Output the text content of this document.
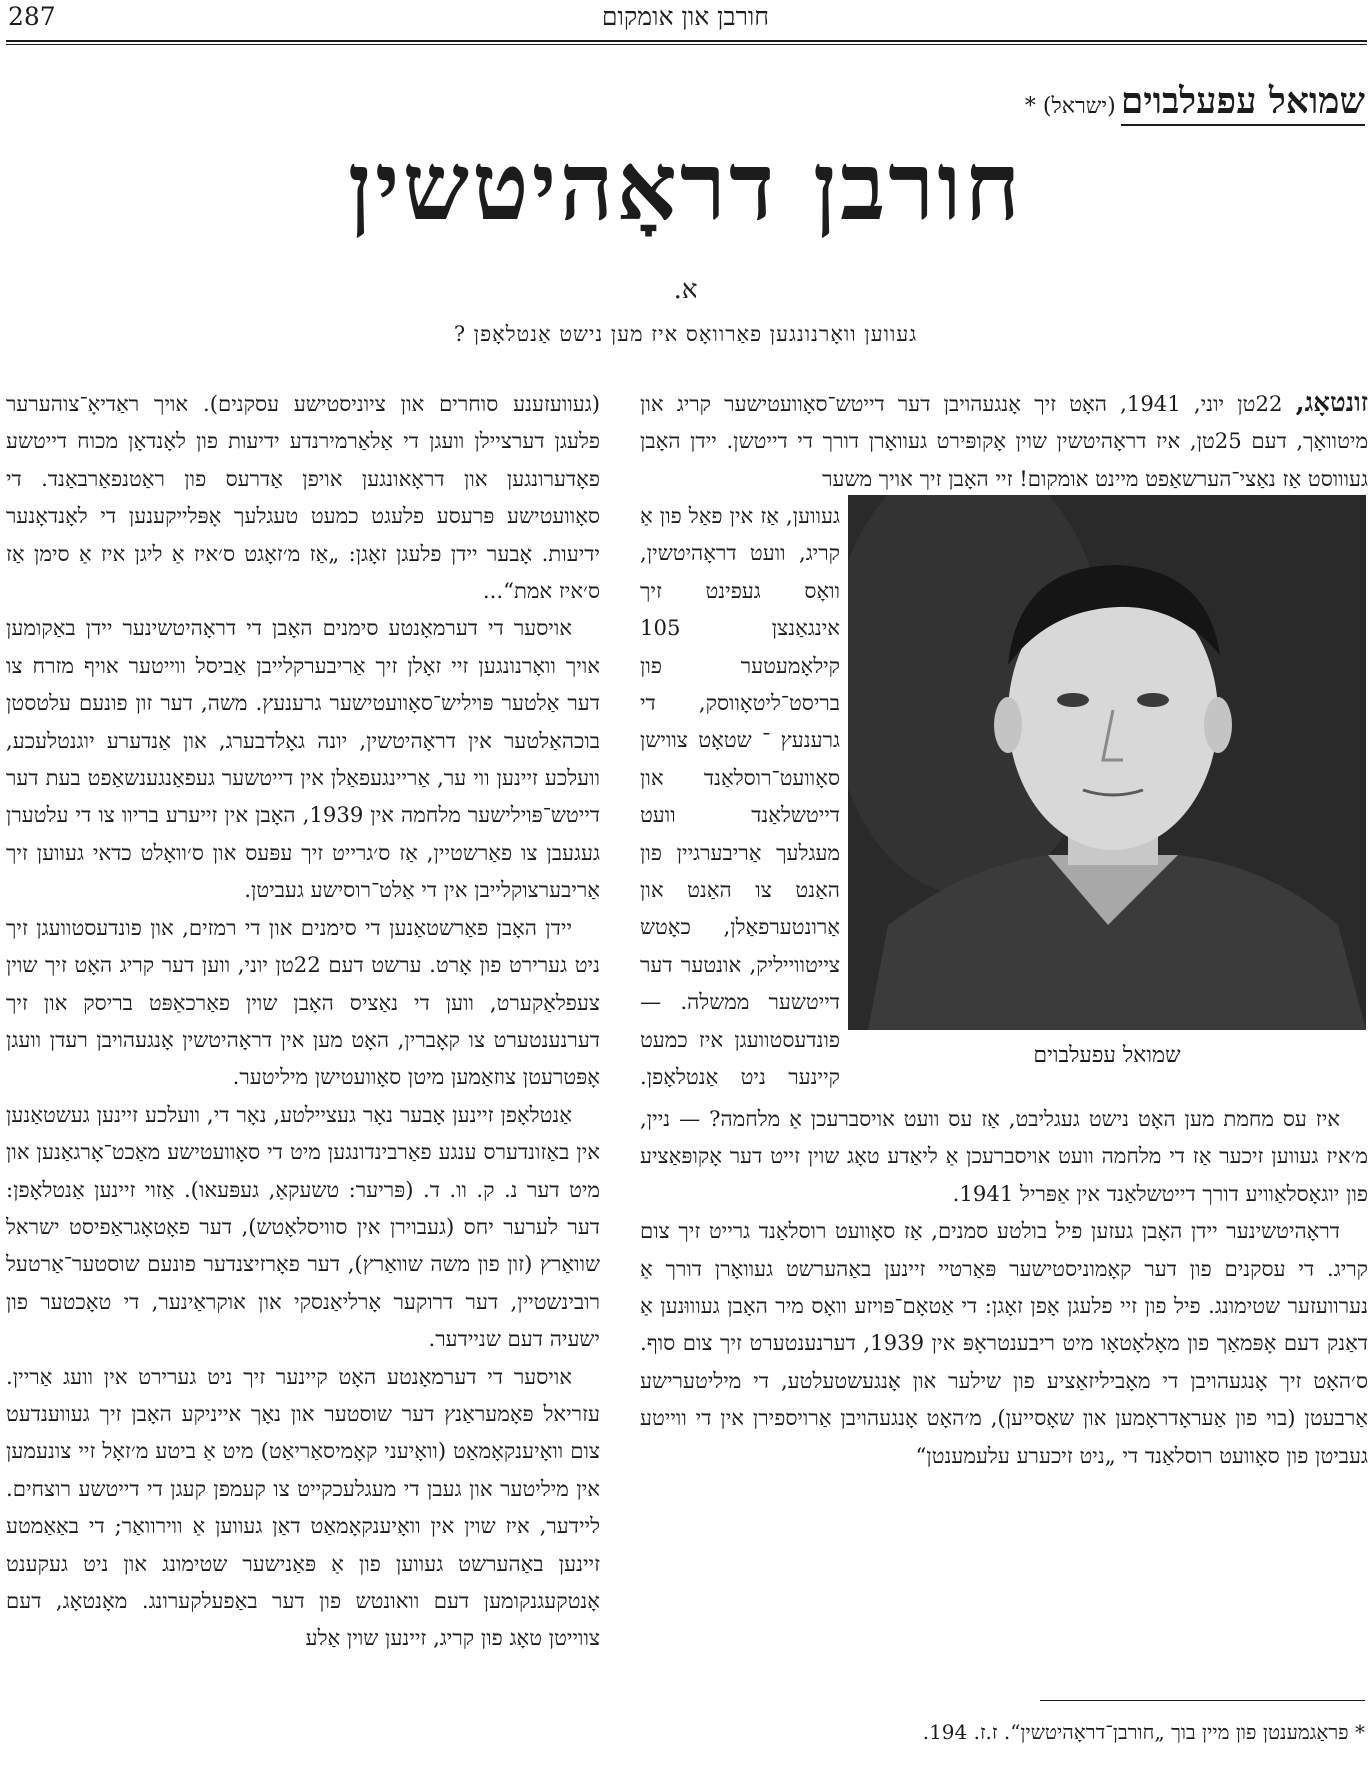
287	חורבן און אומקום
שמואל עפעלבוים (ישראל) *
חורבן דראָהיטשין
א.
געווען וואָרנונגען פאַרוואָס איז מען נישט אַנטלאָפן ?

זונטאָג, 22טן יוני, 1941, האָט זיך אָנגעהויבן דער דייטש־סאָוועטישער קריג און מיטוואָך, דעם 25טן, איז דראָהיטשין שוין אָקופּירט געוואָרן דורך די דייטשן. יידן האָבן געוווסט אַז נאַצי־הערשאַפט מיינט אומקום! זיי האָבן זיך אויך משער

געווען, אַז אין פאַל פון אַ קריג, וועט דראָהיטשין, וואָס געפינט זיך אינגאַנצן 105 קילאָמעטער פון בריסט־ליטאָווסק, די גרענעץ ־ שטאָט צווישן סאָוועט־רוסלאַנד און דייטשלאַנד וועט מעגלעך אַריבערגיין פון האַנט צו האַנט און אַרונטערפאַלן, כאָטש צייטווייליק, אונטער דער דייטשער ממשלה. — פונדעסטוועגן איז כמעט קיינער ניט אַנטלאָפן.

שמואל עפעלבוים

איז עס מחמת מען האָט נישט געגליבט, אַז עס וועט אויסברעכן אַ מלחמה? — ניין, מ׳איז געווען זיכער אַז די מלחמה וועט אויסברעכן אַ ליאַדע טאָג שוין זייט דער אָקופּאַציע פון יוגאָסלאַוויע דורך דייטשלאַנד אין אַפּריל 1941.

דראָהיטשינער יידן האָבן געזען פיל בולטע סמנים, אַז סאָוועט רוסלאַנד גרייט זיך צום קריג. די עסקנים פון דער קאָמוניסטישער פּאַרטיי זיינען באַהערשט געוואָרן דורך אַ נערוועזער שטימונג. פיל פון זיי פלעגן אָפן זאָגן: די אַטאָם־פּויזע וואָס מיר האָבן געוווּנען אַ דאַנק דעם אָפּמאַך פון מאָלאָטאָו מיט ריבענטראָפּ אין 1939, דערנענטערט זיך צום סוף. ס׳האָט זיך אָנגעהויבן די מאָביליזאַציע פון שילער און אָנגעשטעלטע, די מיליטערישע אַרבעטן (בוי פון אַעראָדראָמען און שאָסייען), מ׳האָט אָנגעהויבן אַרויספירן אין די ווייטע געביטן פון סאָוועט רוסלאַנד די „ניט זיכערע עלעמענטן“

(געוועזענע סוחרים און ציוניסטישע עסקנים). אויך ראַדיאָ־צוהערער פלעגן דערציילן וועגן די אַלאַרמירנדע ידיעות פון לאָנדאָן מכוח דייטשע פאָדערונגען און דראָאונגען אויפן אַדרעס פון ראַטנפאַרבאַנד. די סאָוועטישע פּרעסע פלעגט כמעט טעגלעך אָפּלייקענען די לאָנדאָנער ידיעות. אָבער יידן פלעגן זאָגן: „אַז מ׳זאָגט ס׳איז אַ ליגן איז אַ סימן אַז ס׳איז אמת“...

אויסער די דערמאָנטע סימנים האָבן די דראָהיטשינער יידן באַקומען אויך וואָרנונגען זיי זאָלן זיך אַריבערקלייבן אַביסל ווייטער אויף מזרח צו דער אַלטער פּויליש־סאָוועטישער גרענעץ. משה, דער זון פונעם עלטסטן בוכהאַלטער אין דראָהיטשין, יונה גאָלדבערג, און אַנדערע יוגנטלעכע, וועלכע זיינען ווי ער, אַריינגעפאַלן אין דייטשער געפאַנגענשאַפט בעת דער דייטש־פּוילישער מלחמה אין 1939, האָבן אין זייערע בריוו צו די עלטערן געגעבן צו פאַרשטיין, אַז ס׳גרייט זיך עפּעס און ס׳וואָלט כדאי געווען זיך אַריבערצוקלייבן אין די אַלט־רוסישע געביטן.

יידן האָבן פאַרשטאַנען די סימנים און די רמזים, און פונדעסטוועגן זיך ניט גערירט פון אָרט. ערשט דעם 22טן יוני, ווען דער קריג האָט זיך שוין צעפלאַקערט, ווען די נאַציס האָבן שוין פאַרכאַפּט בריסק און זיך דערנענטערט צו קאָברין, האָט מען אין דראָהיטשין אָנגעהויבן רעדן וועגן אָפּטרעטן צוזאַמען מיטן סאָוועטישן מיליטער.

אַנטלאָפן זיינען אָבער נאָר געציילטע, נאָר די, וועלכע זיינען געשטאַנען אין באַזונדערס ענגע פאַרבינדונגען מיט די סאָוועטישע מאַכט־אָרגאַנען און מיט דער נ. ק. וו. ד. (פּריער: טשעקאַ, געפּעאו). אַזוי זיינען אַנטלאָפן: דער לערער יחס (געבוירן אין סוויסלאָטש), דער פאָטאָגראַפיסט ישראל שוואַרץ (זון פון משה שוואַרץ), דער פאָרזיצנדער פונעם שוסטער־אַרטעל רובינשטיין, דער דרוקער אָרליאַנסקי און אוקראַינער, די טאָכטער פון ישעיה דעם שניידער.

אויסער די דערמאָנטע האָט קיינער זיך ניט גערירט אין וועג אַריין. עזריאל פּאָמעראַנץ דער שוסטער און נאָך אייניקע האָבן זיך געווענדעט צום וואָיענקאָמאַט (וואָיעני קאָמיסאַריאַט) מיט אַ ביטע מ׳זאָל זיי צונעמען אין מיליטער און געבן די מעגלעכקייט צו קעמפן קעגן די דייטשע רוצחים. ליידער, איז שוין אין וואָיענקאָמאַט דאַן געווען אַ ווירוואַר; די באַאַמטע זיינען באַהערשט געווען פון אַ פּאַנישער שטימונג און ניט געקענט אָנטקעגנקומען דעם וואונטש פון דער באַפעלקערונג. מאָנטאָג, דעם צווייטן טאָג פון קריג, זיינען שוין אַלע

* פראַגמענטן פון מיין בוך „חורבן־דראָהיטשין“. ז.ז. 194.
